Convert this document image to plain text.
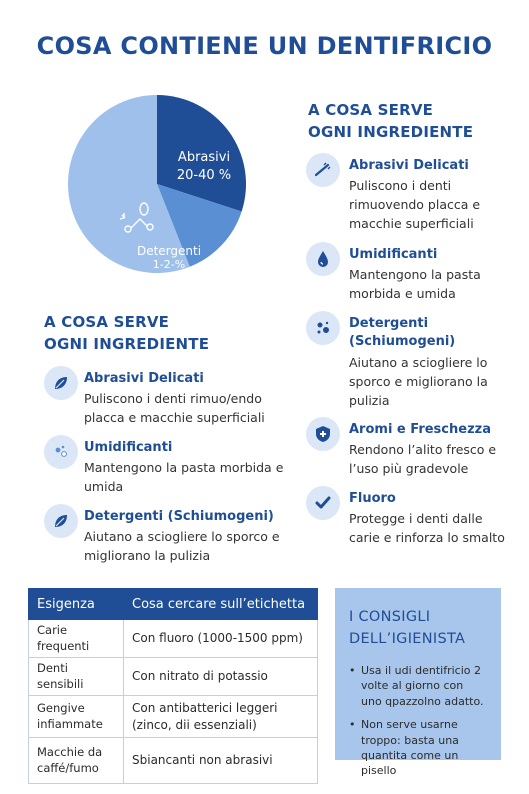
COSA CONTIENE UN DENTIFRICIO
Abrasivi
20-40 %
Detergenti
1-2-%
A COSA SERVE
OGNI INGREDIENTE
Abrasivi Delicati
Puliscono i denti rimuovendo placca e macchie superficiali
Umidificanti
Mantengono la pasta morbida e umida
Detergenti (Schiumogeni)
Aiutano a sciogliere lo sporco e migliorano la pulizia
Aromi e Freschezza
Rendono l’alito fresco e l’uso più gradevole
Fluoro
Protegge i denti dalle carie e rinforza lo smalto
A COSA SERVE
OGNI INGREDIENTE
Abrasivi Delicati
Puliscono i denti rimuo/endo placca e macchie superficiali
Umidificanti
Mantengono la pasta morbida e umida
Detergenti (Schiumogeni)
Aiutano a sciogliere lo sporco e migliorano la pulizia
Esigenza	Cosa cercare sull’etichetta
Carie frequenti	Con fluoro (1000-1500 ppm)
Denti sensibili	Con nitrato di potassio
Gengive infiammate	Con antibatterici leggeri (zinco, dii essenziali)
Macchie da caffé/fumo	Sbiancanti non abrasivi
I CONSIGLI
DELL’IGIENISTA
• Usa il udi dentifricio 2 volte al giorno con uno qpazzolno adatto.
• Non serve usarne troppo: basta una quantita come un pisello
